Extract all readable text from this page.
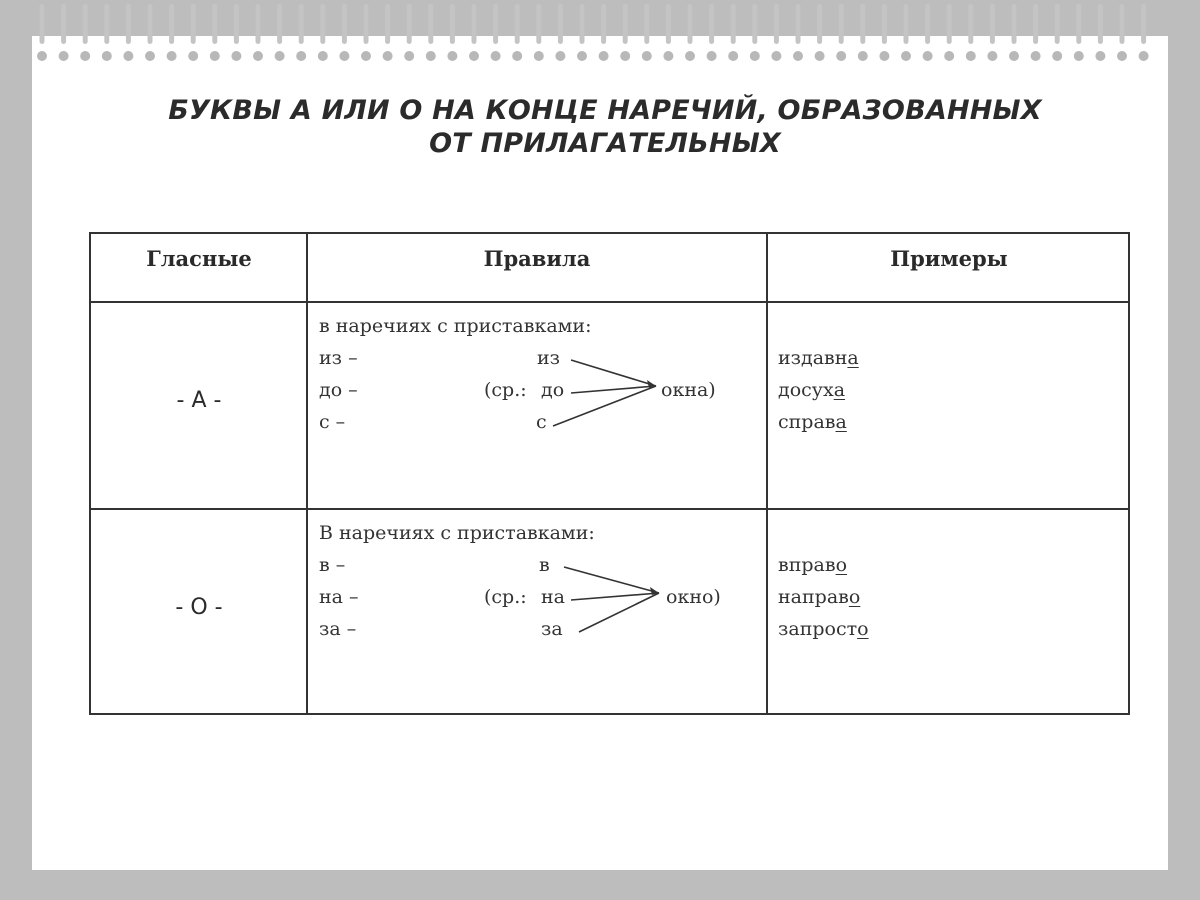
БУКВЫ А ИЛИ О НА КОНЦЕ НАРЕЧИЙ, ОБРАЗОВАННЫХ
ОТ ПРИЛАГАТЕЛЬНЫХ
Гласные	Правила	Примеры
- А -
в наречиях с приставками:
из –
до –
с –
(ср.:
из
до
с
окна)
издавна
досуха
справа
- О -
В наречиях с приставками:
в –
на –
за –
(ср.:
в
на
за
окно)
вправо
направо
запросто
